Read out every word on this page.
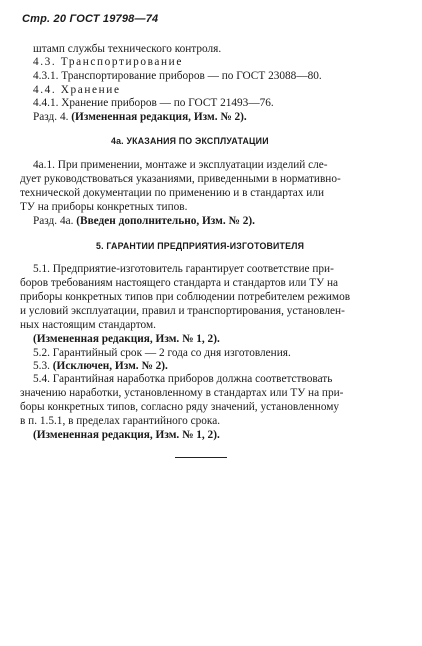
Стр. 20 ГОСТ 19798—74
штамп службы технического контроля.
4.3. Транспортирование
4.3.1. Транспортирование приборов — по ГОСТ 23088—80.
4.4. Хранение
4.4.1. Хранение приборов — по ГОСТ 21493—76.
Разд. 4. (Измененная редакция, Изм. № 2).
4а. УКАЗАНИЯ ПО ЭКСПЛУАТАЦИИ
4а.1. При применении, монтаже и эксплуатации изделий сле-
дует руководствоваться указаниями, приведенными в нормативно-
технической документации по применению и в стандартах или
ТУ на приборы конкретных типов.
Разд. 4а. (Введен дополнительно, Изм. № 2).
5. ГАРАНТИИ ПРЕДПРИЯТИЯ-ИЗГОТОВИТЕЛЯ
5.1. Предприятие-изготовитель гарантирует соответствие при-
боров требованиям настоящего стандарта и стандартов или ТУ на
приборы конкретных типов при соблюдении потребителем режимов
и условий эксплуатации, правил и транспортирования, установлен-
ных настоящим стандартом.
(Измененная редакция, Изм. № 1, 2).
5.2. Гарантийный срок — 2 года со дня изготовления.
5.3. (Исключен, Изм. № 2).
5.4. Гарантийная наработка приборов должна соответствовать
значению наработки, установленному в стандартах или ТУ на при-
боры конкретных типов, согласно ряду значений, установленному
в п. 1.5.1, в пределах гарантийного срока.
(Измененная редакция, Изм. № 1, 2).
